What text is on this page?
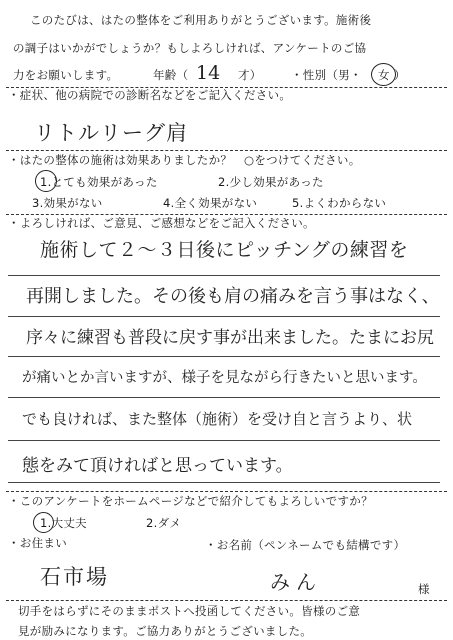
このたびは、はたの整体をご利用ありがとうございます。施術後
の調子はいかがでしょうか？もしよろしければ、アンケートのご協
力をお願いします。	年齢（ 14 才）	・性別（男・ 女 ）
・症状、他の病院での診断名などをご記入ください。
リトルリーグ肩
・はたの整体の施術は効果ありましたか？　○をつけてください。
1.とても効果があった	2.少し効果があった
3.効果がない	4.全く効果がない	5.よくわからない
・よろしければ、ご意見、ご感想などをご記入ください。
施術して２～３日後にピッチングの練習を
再開しました。その後も肩の痛みを言う事はなく、
序々に練習も普段に戻す事が出来ました。たまにお尻
が痛いとか言いますが、様子を見ながら行きたいと思います。
でも良ければ、また整体（施術）を受け自と言うより、状
態をみて頂ければと思っています。
・このアンケートをホームページなどで紹介してもよろしいですか？
1.大丈夫	2.ダメ
・お住まい	・お名前（ペンネームでも結構です）
石市場	みん	様
切手をはらずにそのままポストへ投函してください。皆様のご意
見が励みになります。ご協力ありがとうございました。
